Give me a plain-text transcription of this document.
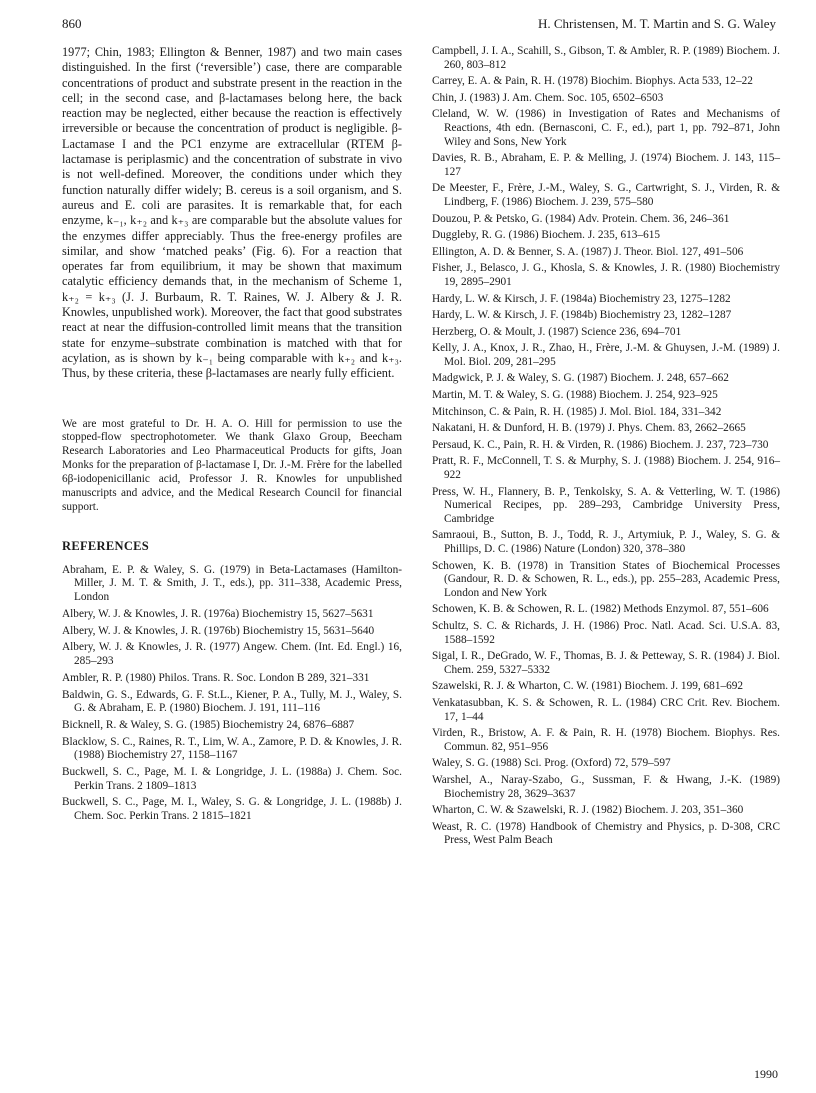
860	H. Christensen, M. T. Martin and S. G. Waley

1977; Chin, 1983; Ellington & Benner, 1987) and two main cases distinguished. In the first (‘reversible’) case, there are comparable concentrations of product and substrate present in the reaction in the cell; in the second case, and β-lactamases belong here, the back reaction may be neglected, either because the reaction is effectively irreversible or because the concentration of product is negligible. β-Lactamase I and the PC1 enzyme are extracellular (RTEM β-lactamase is periplasmic) and the concentration of substrate in vivo is not well-defined. Moreover, the conditions under which they function naturally differ widely; B. cereus is a soil organism, and S. aureus and E. coli are parasites. It is remarkable that, for each enzyme, k₋₁, k₊₂ and k₊₃ are comparable but the absolute values for the enzymes differ appreciably. Thus the free-energy profiles are similar, and show ‘matched peaks’ (Fig. 6). For a reaction that operates far from equilibrium, it may be shown that maximum catalytic efficiency demands that, in the mechanism of Scheme 1, k₊₂ = k₊₃ (J. J. Burbaum, R. T. Raines, W. J. Albery & J. R. Knowles, unpublished work). Moreover, the fact that good substrates react at near the diffusion-controlled limit means that the transition state for enzyme–substrate combination is matched with that for acylation, as is shown by k₋₁ being comparable with k₊₂ and k₊₃. Thus, by these criteria, these β-lactamases are nearly fully efficient.

We are most grateful to Dr. H. A. O. Hill for permission to use the stopped-flow spectrophotometer. We thank Glaxo Group, Beecham Research Laboratories and Leo Pharmaceutical Products for gifts, Joan Monks for the preparation of β-lactamase I, Dr. J.-M. Frère for the labelled 6β-iodopenicillanic acid, Professor J. R. Knowles for unpublished manuscripts and advice, and the Medical Research Council for financial support.

REFERENCES
Abraham, E. P. & Waley, S. G. (1979) in Beta-Lactamases (Hamilton-Miller, J. M. T. & Smith, J. T., eds.), pp. 311–338, Academic Press, London
Albery, W. J. & Knowles, J. R. (1976a) Biochemistry 15, 5627–5631
Albery, W. J. & Knowles, J. R. (1976b) Biochemistry 15, 5631–5640
Albery, W. J. & Knowles, J. R. (1977) Angew. Chem. (Int. Ed. Engl.) 16, 285–293
Ambler, R. P. (1980) Philos. Trans. R. Soc. London B 289, 321–331
Baldwin, G. S., Edwards, G. F. St.L., Kiener, P. A., Tully, M. J., Waley, S. G. & Abraham, E. P. (1980) Biochem. J. 191, 111–116
Bicknell, R. & Waley, S. G. (1985) Biochemistry 24, 6876–6887
Blacklow, S. C., Raines, R. T., Lim, W. A., Zamore, P. D. & Knowles, J. R. (1988) Biochemistry 27, 1158–1167
Buckwell, S. C., Page, M. I. & Longridge, J. L. (1988a) J. Chem. Soc. Perkin Trans. 2 1809–1813
Buckwell, S. C., Page, M. I., Waley, S. G. & Longridge, J. L. (1988b) J. Chem. Soc. Perkin Trans. 2 1815–1821
Campbell, J. I. A., Scahill, S., Gibson, T. & Ambler, R. P. (1989) Biochem. J. 260, 803–812
Carrey, E. A. & Pain, R. H. (1978) Biochim. Biophys. Acta 533, 12–22
Chin, J. (1983) J. Am. Chem. Soc. 105, 6502–6503
Cleland, W. W. (1986) in Investigation of Rates and Mechanisms of Reactions, 4th edn. (Bernasconi, C. F., ed.), part 1, pp. 792–871, John Wiley and Sons, New York
Davies, R. B., Abraham, E. P. & Melling, J. (1974) Biochem. J. 143, 115–127
De Meester, F., Frère, J.-M., Waley, S. G., Cartwright, S. J., Virden, R. & Lindberg, F. (1986) Biochem. J. 239, 575–580
Douzou, P. & Petsko, G. (1984) Adv. Protein. Chem. 36, 246–361
Duggleby, R. G. (1986) Biochem. J. 235, 613–615
Ellington, A. D. & Benner, S. A. (1987) J. Theor. Biol. 127, 491–506
Fisher, J., Belasco, J. G., Khosla, S. & Knowles, J. R. (1980) Biochemistry 19, 2895–2901
Hardy, L. W. & Kirsch, J. F. (1984a) Biochemistry 23, 1275–1282
Hardy, L. W. & Kirsch, J. F. (1984b) Biochemistry 23, 1282–1287
Herzberg, O. & Moult, J. (1987) Science 236, 694–701
Kelly, J. A., Knox, J. R., Zhao, H., Frère, J.-M. & Ghuysen, J.-M. (1989) J. Mol. Biol. 209, 281–295
Madgwick, P. J. & Waley, S. G. (1987) Biochem. J. 248, 657–662
Martin, M. T. & Waley, S. G. (1988) Biochem. J. 254, 923–925
Mitchinson, C. & Pain, R. H. (1985) J. Mol. Biol. 184, 331–342
Nakatani, H. & Dunford, H. B. (1979) J. Phys. Chem. 83, 2662–2665
Persaud, K. C., Pain, R. H. & Virden, R. (1986) Biochem. J. 237, 723–730
Pratt, R. F., McConnell, T. S. & Murphy, S. J. (1988) Biochem. J. 254, 916–922
Press, W. H., Flannery, B. P., Tenkolsky, S. A. & Vetterling, W. T. (1986) Numerical Recipes, pp. 289–293, Cambridge University Press, Cambridge
Samraoui, B., Sutton, B. J., Todd, R. J., Artymiuk, P. J., Waley, S. G. & Phillips, D. C. (1986) Nature (London) 320, 378–380
Schowen, K. B. (1978) in Transition States of Biochemical Processes (Gandour, R. D. & Schowen, R. L., eds.), pp. 255–283, Academic Press, London and New York
Schowen, K. B. & Schowen, R. L. (1982) Methods Enzymol. 87, 551–606
Schultz, S. C. & Richards, J. H. (1986) Proc. Natl. Acad. Sci. U.S.A. 83, 1588–1592
Sigal, I. R., DeGrado, W. F., Thomas, B. J. & Petteway, S. R. (1984) J. Biol. Chem. 259, 5327–5332
Szawelski, R. J. & Wharton, C. W. (1981) Biochem. J. 199, 681–692
Venkatasubban, K. S. & Schowen, R. L. (1984) CRC Crit. Rev. Biochem. 17, 1–44
Virden, R., Bristow, A. F. & Pain, R. H. (1978) Biochem. Biophys. Res. Commun. 82, 951–956
Waley, S. G. (1988) Sci. Prog. (Oxford) 72, 579–597
Warshel, A., Naray-Szabo, G., Sussman, F. & Hwang, J.-K. (1989) Biochemistry 28, 3629–3637
Wharton, C. W. & Szawelski, R. J. (1982) Biochem. J. 203, 351–360
Weast, R. C. (1978) Handbook of Chemistry and Physics, p. D-308, CRC Press, West Palm Beach
1990
